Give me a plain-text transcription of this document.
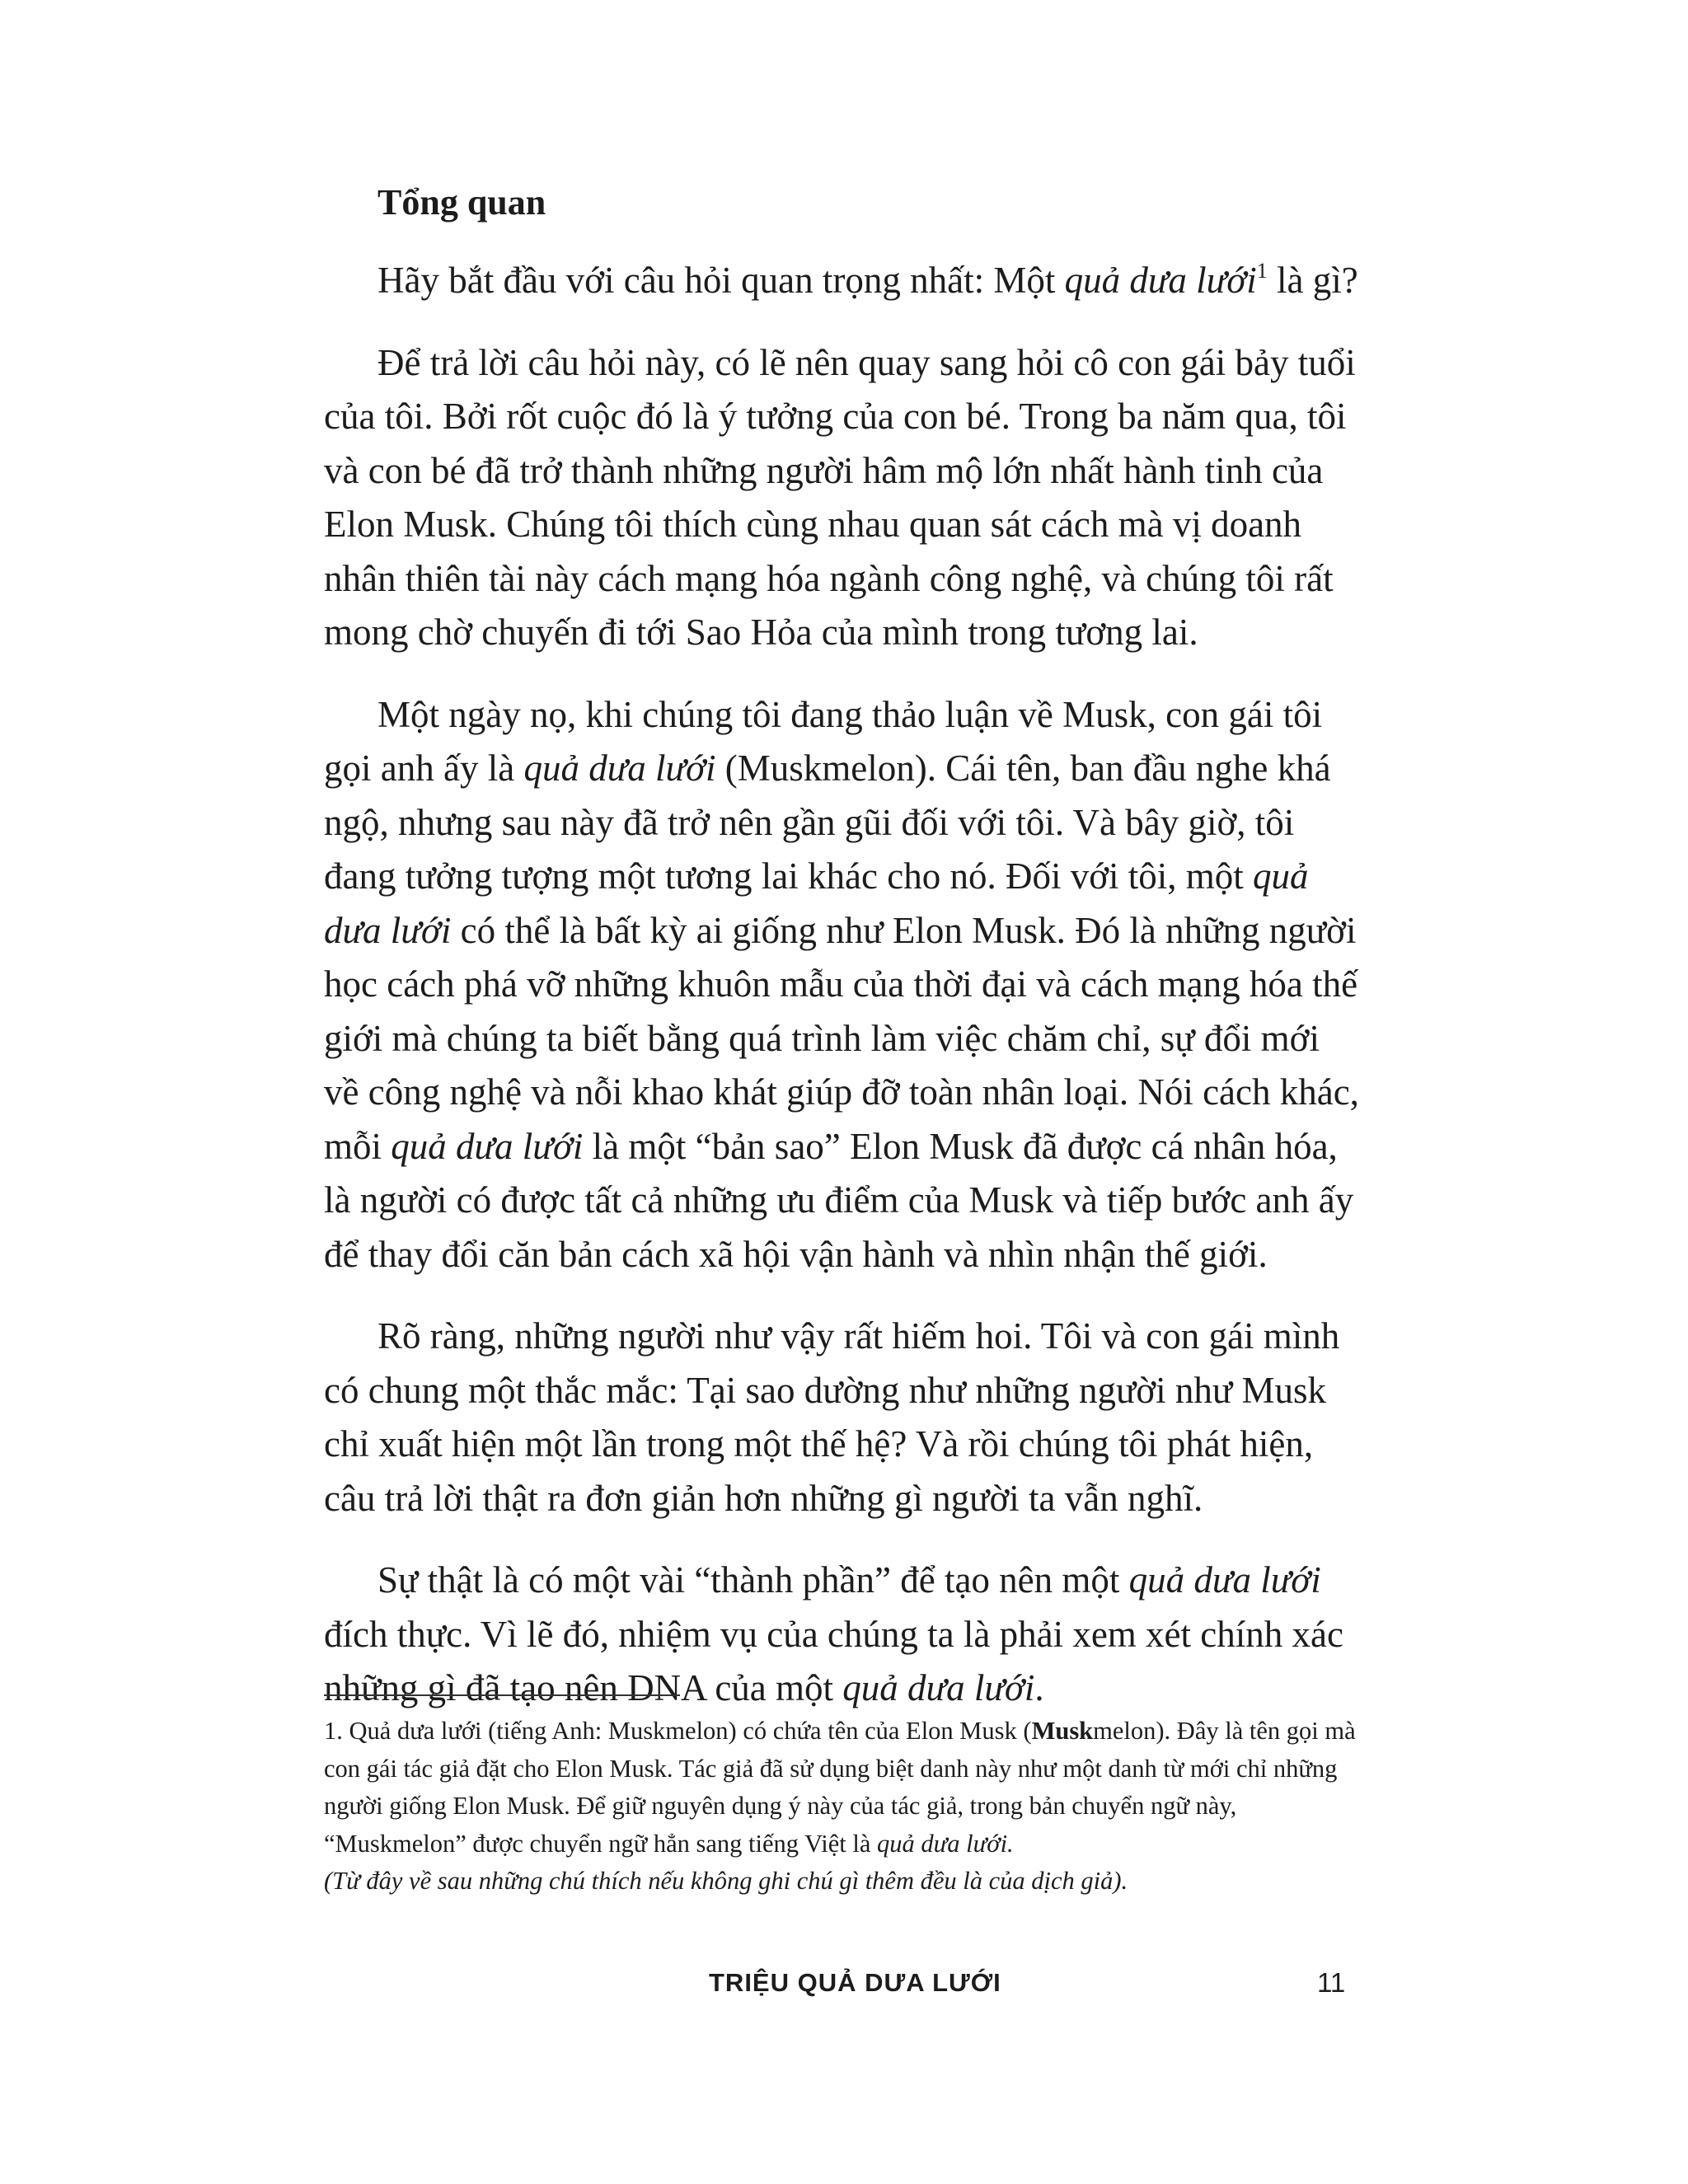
Tổng quan

Hãy bắt đầu với câu hỏi quan trọng nhất: Một quả dưa lưới$^1$ là gì?

Để trả lời câu hỏi này, có lẽ nên quay sang hỏi cô con gái bảy tuổi của tôi. Bởi rốt cuộc đó là ý tưởng của con bé. Trong ba năm qua, tôi và con bé đã trở thành những người hâm mộ lớn nhất hành tinh của Elon Musk. Chúng tôi thích cùng nhau quan sát cách mà vị doanh nhân thiên tài này cách mạng hóa ngành công nghệ, và chúng tôi rất mong chờ chuyến đi tới Sao Hỏa của mình trong tương lai.

Một ngày nọ, khi chúng tôi đang thảo luận về Musk, con gái tôi gọi anh ấy là quả dưa lưới (Muskmelon). Cái tên, ban đầu nghe khá ngộ, nhưng sau này đã trở nên gần gũi đối với tôi. Và bây giờ, tôi đang tưởng tượng một tương lai khác cho nó. Đối với tôi, một quả dưa lưới có thể là bất kỳ ai giống như Elon Musk. Đó là những người học cách phá vỡ những khuôn mẫu của thời đại và cách mạng hóa thế giới mà chúng ta biết bằng quá trình làm việc chăm chỉ, sự đổi mới về công nghệ và nỗi khao khát giúp đỡ toàn nhân loại. Nói cách khác, mỗi quả dưa lưới là một “bản sao” Elon Musk đã được cá nhân hóa, là người có được tất cả những ưu điểm của Musk và tiếp bước anh ấy để thay đổi căn bản cách xã hội vận hành và nhìn nhận thế giới.

Rõ ràng, những người như vậy rất hiếm hoi. Tôi và con gái mình có chung một thắc mắc: Tại sao dường như những người như Musk chỉ xuất hiện một lần trong một thế hệ? Và rồi chúng tôi phát hiện, câu trả lời thật ra đơn giản hơn những gì người ta vẫn nghĩ.

Sự thật là có một vài “thành phần” để tạo nên một quả dưa lưới đích thực. Vì lẽ đó, nhiệm vụ của chúng ta là phải xem xét chính xác những gì đã tạo nên DNA của một quả dưa lưới.

1. Quả dưa lưới (tiếng Anh: Muskmelon) có chứa tên của Elon Musk (Muskmelon). Đây là tên gọi mà con gái tác giả đặt cho Elon Musk. Tác giả đã sử dụng biệt danh này như một danh từ mới chỉ những người giống Elon Musk. Để giữ nguyên dụng ý này của tác giả, trong bản chuyển ngữ này, “Muskmelon” được chuyển ngữ hẳn sang tiếng Việt là quả dưa lưới.
(Từ đây về sau những chú thích nếu không ghi chú gì thêm đều là của dịch giả).

TRIỆU QUẢ DƯA LƯỚI	11
